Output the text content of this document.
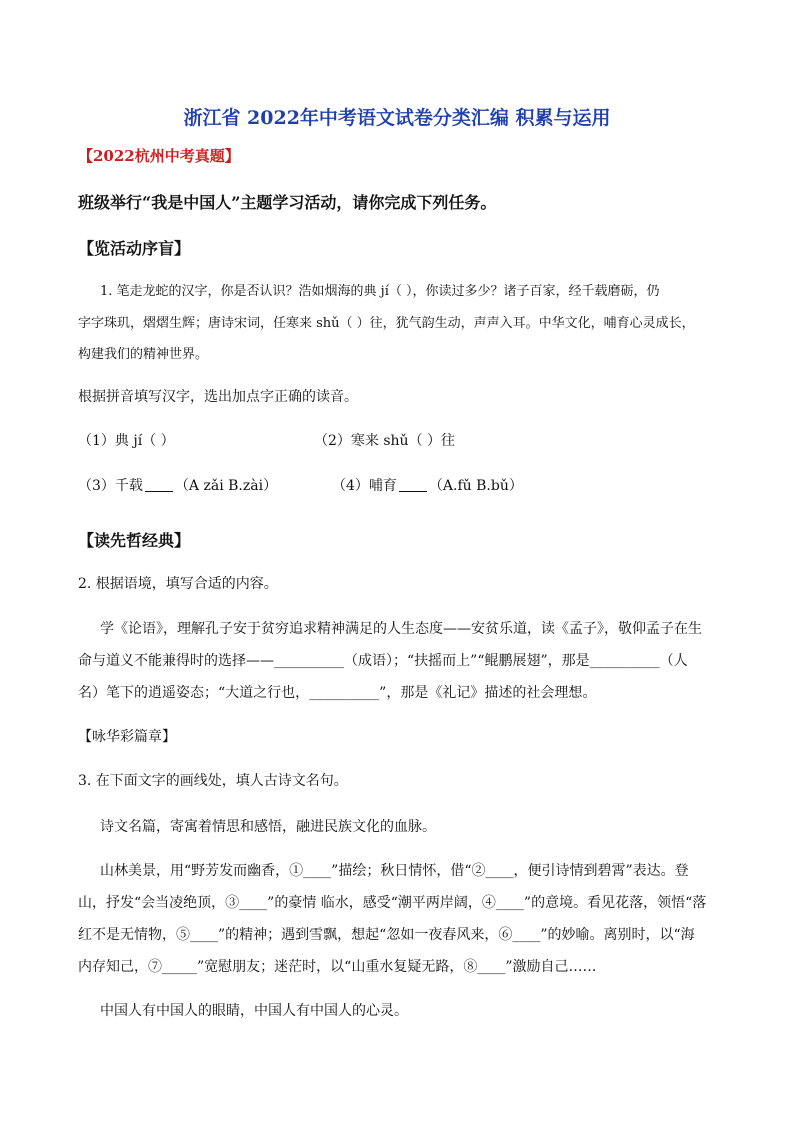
浙江省 2022年中考语文试卷分类汇编 积累与运用
【2022杭州中考真题】
班级举行“我是中国人”主题学习活动，请你完成下列任务。
【览活动序盲】
1. 笔走龙蛇的汉字，你是否认识？浩如烟海的典 jí（ ），你读过多少？诸子百家，经千载磨砺，仍
字字珠玑，熠熠生辉；唐诗宋词，任寒来 shǔ（ ）往，犹气韵生动，声声入耳。中华文化，哺育心灵成长，
构建我们的精神世界。
根据拼音填写汉字，选出加点字正确的读音。
（1）典 jí（ ）	（2）寒来 shǔ（ ）往
（3）千载 （A zǎi B.zài）	（4）哺育 （A.fǔ B.bǔ）
【读先哲经典】
2. 根据语境，填写合适的内容。
学《论语》，理解孔子安于贫穷追求精神满足的人生态度——安贫乐道，读《孟子》，敬仰孟子在生
命与道义不能兼得时的选择——__________（成语）；“扶摇而上”“鲲鹏展翅”，那是__________（人
名）笔下的逍遥姿态；“大道之行也，__________”，那是《礼记》描述的社会理想。
【咏华彩篇章】
3. 在下面文字的画线处，填人古诗文名句。
诗文名篇，寄寓着情思和感悟，融进民族文化的血脉。
山林美景，用“野芳发而幽香，①____”描绘；秋日情怀，借“②____，便引诗情到碧霄”表达。登
山，抒发“会当凌绝顶，③____”的豪情 临水，感受“潮平两岸阔，④____”的意境。看见花落，领悟“落
红不是无情物，⑤____”的精神；遇到雪飘，想起“忽如一夜春风来，⑥____”的妙喻。离别时，以“海
内存知己，⑦_____”宽慰朋友；迷茫时，以“山重水复疑无路，⑧____”激励自己……
中国人有中国人的眼睛，中国人有中国人的心灵。
